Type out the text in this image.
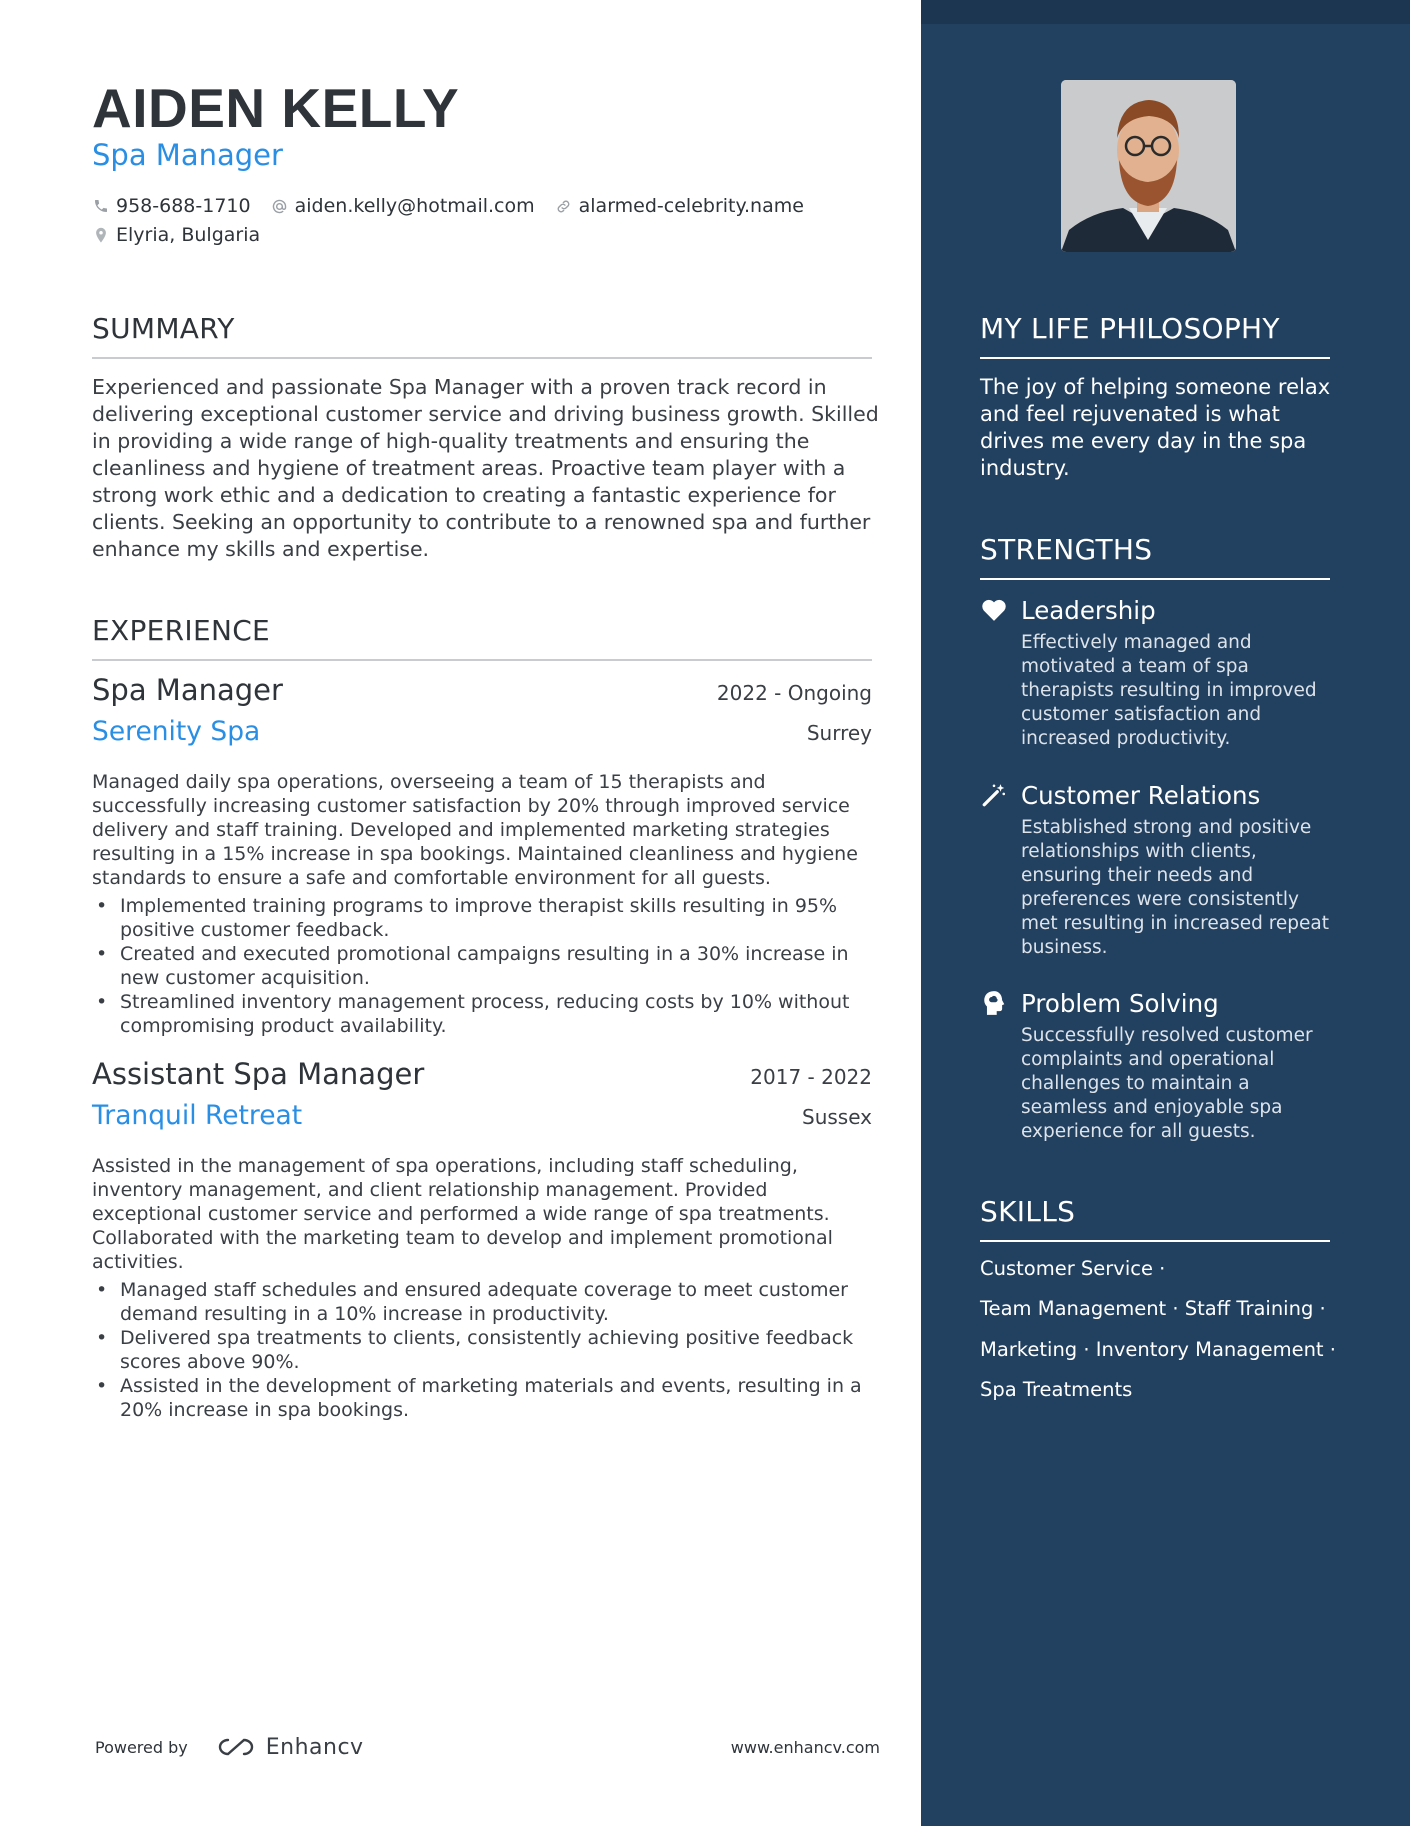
AIDEN KELLY
Spa Manager
958-688-1710 aiden.kelly@hotmail.com alarmed-celebrity.name
Elyria, Bulgaria
SUMMARY

Experienced and passionate Spa Manager with a proven track record in delivering exceptional customer service and driving business growth. Skilled in providing a wide range of high-quality treatments and ensuring the cleanliness and hygiene of treatment areas. Proactive team player with a strong work ethic and a dedication to creating a fantastic experience for clients. Seeking an opportunity to contribute to a renowned spa and further enhance my skills and expertise.

EXPERIENCE
Spa Manager	2022 - Ongoing
Serenity Spa	Surrey

Managed daily spa operations, overseeing a team of 15 therapists and successfully increasing customer satisfaction by 20% through improved service delivery and staff training. Developed and implemented marketing strategies resulting in a 15% increase in spa bookings. Maintained cleanliness and hygiene standards to ensure a safe and comfortable environment for all guests.

• Implemented training programs to improve therapist skills resulting in 95% positive customer feedback.
• Created and executed promotional campaigns resulting in a 30% increase in new customer acquisition.
• Streamlined inventory management process, reducing costs by 10% without compromising product availability.
Assistant Spa Manager	2017 - 2022
Tranquil Retreat	Sussex

Assisted in the management of spa operations, including staff scheduling, inventory management, and client relationship management. Provided exceptional customer service and performed a wide range of spa treatments. Collaborated with the marketing team to develop and implement promotional activities.

• Managed staff schedules and ensured adequate coverage to meet customer demand resulting in a 10% increase in productivity.
• Delivered spa treatments to clients, consistently achieving positive feedback scores above 90%.
• Assisted in the development of marketing materials and events, resulting in a 20% increase in spa bookings.
Powered by	Enhancv	www.enhancv.com
MY LIFE PHILOSOPHY

The joy of helping someone relax and feel rejuvenated is what drives me every day in the spa industry.

STRENGTHS
Leadership

Effectively managed and motivated a team of spa therapists resulting in improved customer satisfaction and increased productivity.

Customer Relations

Established strong and positive relationships with clients, ensuring their needs and preferences were consistently met resulting in increased repeat business.

Problem Solving

Successfully resolved customer complaints and operational challenges to maintain a seamless and enjoyable spa experience for all guests.

SKILLS
Customer Service ·
Team Management · Staff Training ·
Marketing · Inventory Management ·
Spa Treatments
